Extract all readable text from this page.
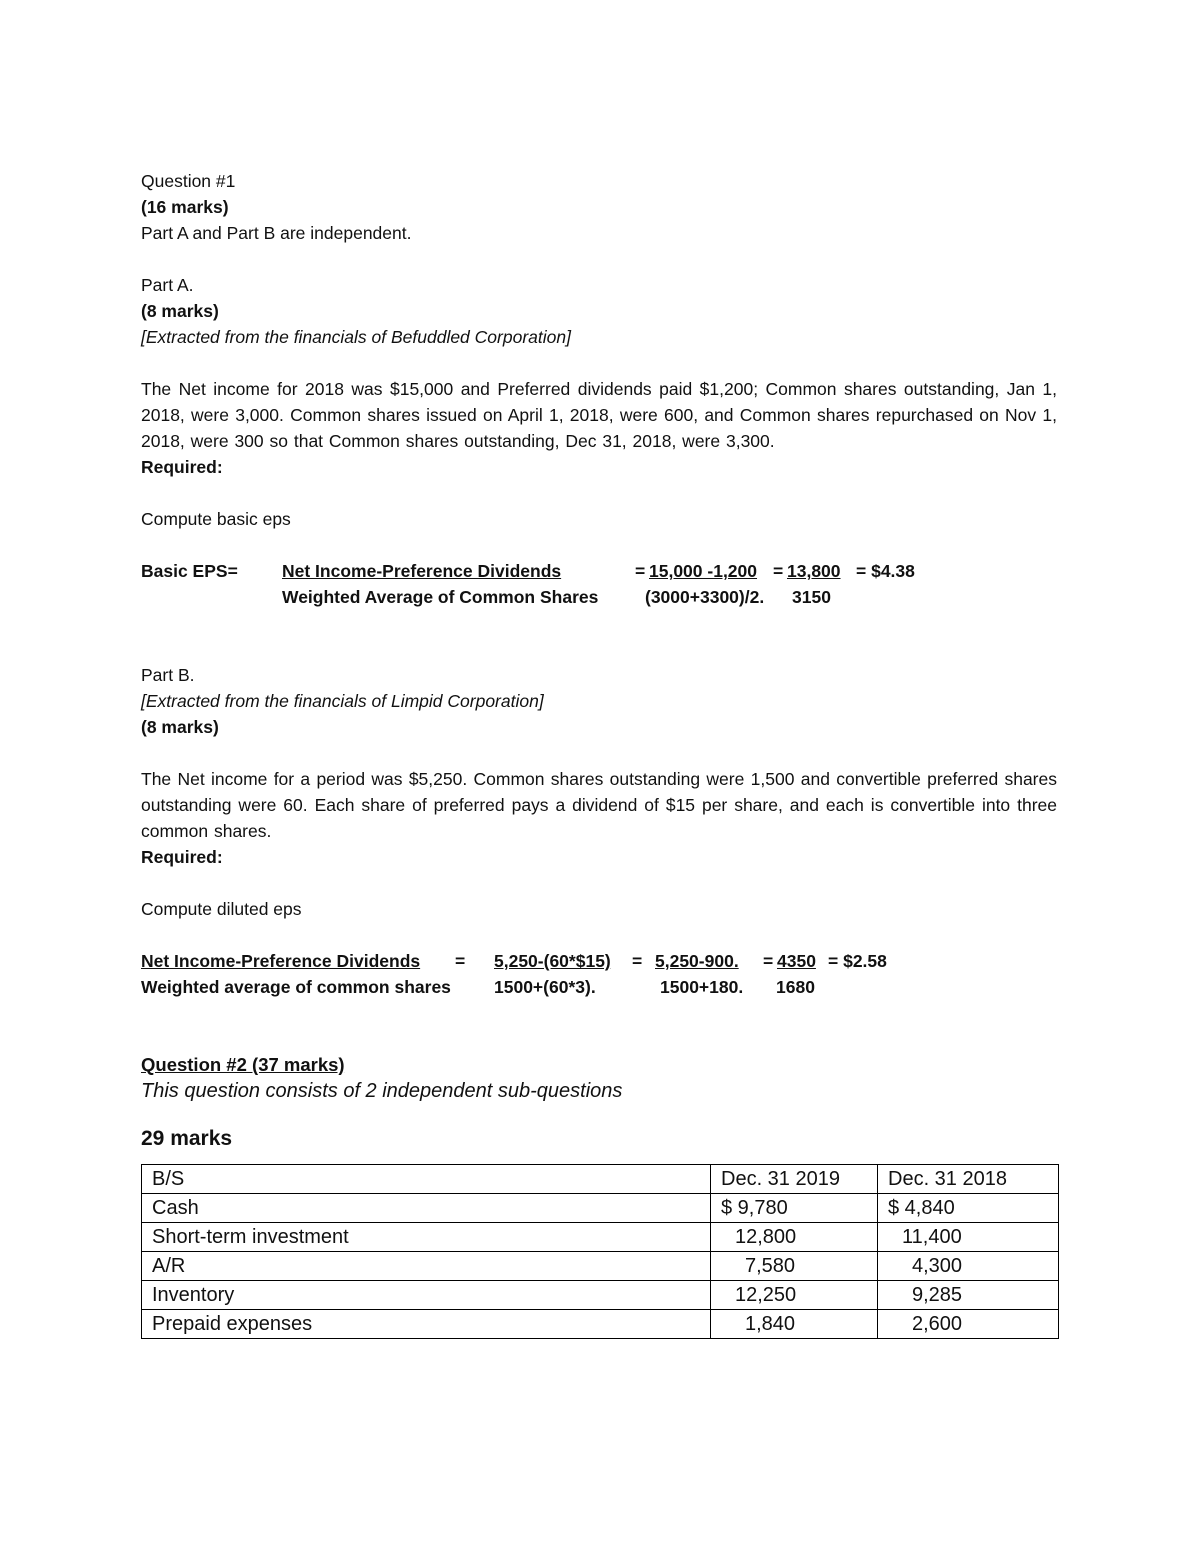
Question #1

(16 marks)

Part A and Part B are independent.

Part A.

(8 marks)

[Extracted from the financials of Befuddled Corporation]

The Net income for 2018 was $15,000 and Preferred dividends paid $1,200; Common shares outstanding, Jan 1, 2018, were 3,000. Common shares issued on April 1, 2018, were 600, and Common shares repurchased on Nov 1, 2018, were 300 so that Common shares outstanding, Dec 31, 2018, were 3,300.

Required:

Compute basic eps

Basic EPS=	Net Income-Preference Dividends	= 15,000 -1,200 = 13,800 = $4.38
Weighted Average of Common Shares	(3000+3300)/2. 3150

Part B.

[Extracted from the financials of Limpid Corporation]

(8 marks)

The Net income for a period was $5,250. Common shares outstanding were 1,500 and convertible preferred shares outstanding were 60. Each share of preferred pays a dividend of $15 per share, and each is convertible into three common shares.

Required:

Compute diluted eps

Net Income-Preference Dividends = 5,250-(60*$15) = 5,250-900. = 4350 = $2.58
Weighted average of common shares 1500+(60*3).	1500+180. 1680

Question #2 (37 marks)

This question consists of 2 independent sub-questions

29 marks

B/S	Dec. 31 2019	Dec. 31 2018
Cash	$ 9,780	$ 4,840
Short-term investment	12,800	11,400
A/R	7,580	4,300
Inventory	12,250	9,285
Prepaid expenses	1,840	2,600
